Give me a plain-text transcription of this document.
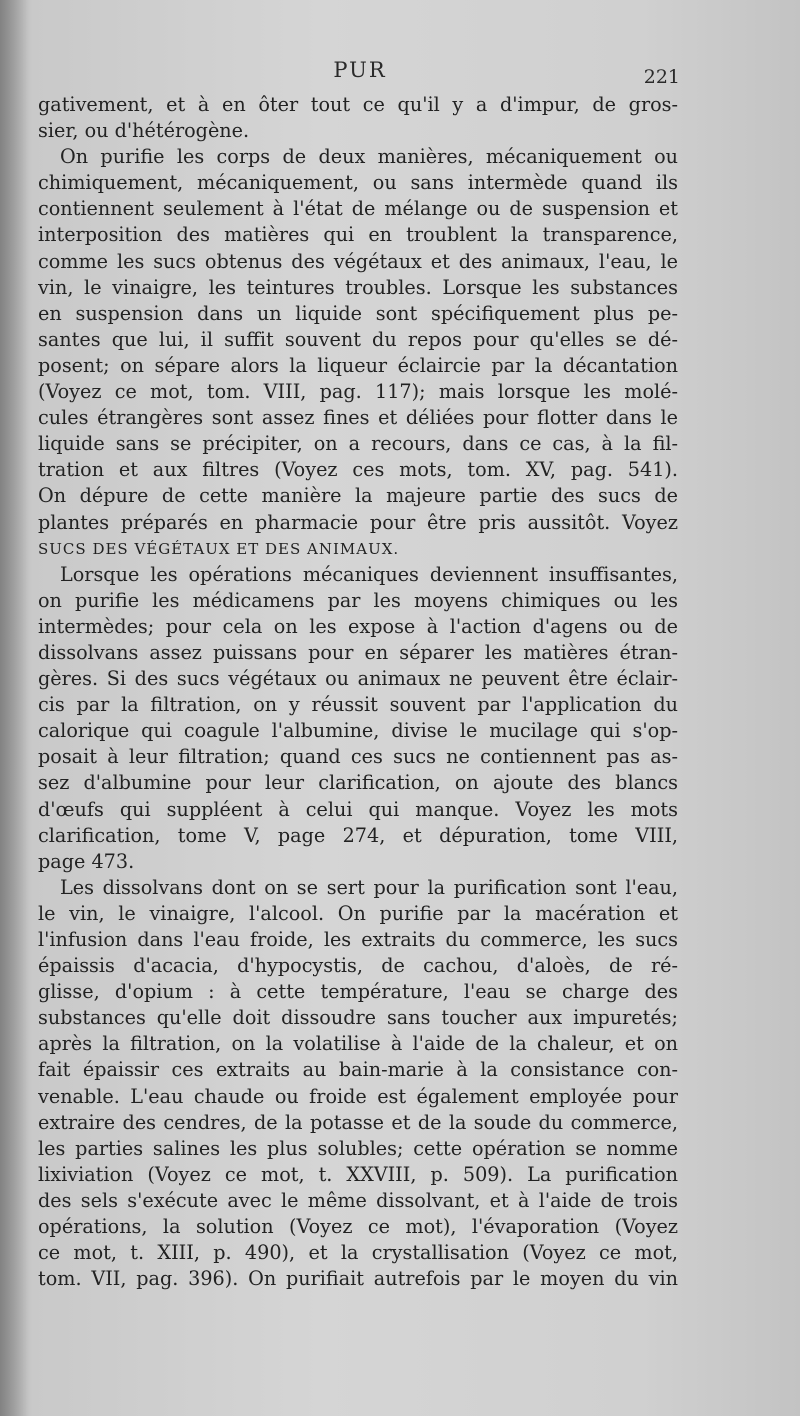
PUR	221
gativement, et à en ôter tout ce qu'il y a d'impur, de gros-
sier, ou d'hétérogène.
On purifie les corps de deux manières, mécaniquement ou
chimiquement, mécaniquement, ou sans intermède quand ils
contiennent seulement à l'état de mélange ou de suspension et
interposition des matières qui en troublent la transparence,
comme les sucs obtenus des végétaux et des animaux, l'eau, le
vin, le vinaigre, les teintures troubles. Lorsque les substances
en suspension dans un liquide sont spécifiquement plus pe-
santes que lui, il suffit souvent du repos pour qu'elles se dé-
posent; on sépare alors la liqueur éclaircie par la décantation
(Voyez ce mot, tom. VIII, pag. 117); mais lorsque les molé-
cules étrangères sont assez fines et déliées pour flotter dans le
liquide sans se précipiter, on a recours, dans ce cas, à la fil-
tration et aux filtres (Voyez ces mots, tom. XV, pag. 541).
On dépure de cette manière la majeure partie des sucs de
plantes préparés en pharmacie pour être pris aussitôt. Voyez
SUCS DES VÉGÉTAUX ET DES ANIMAUX.
Lorsque les opérations mécaniques deviennent insuffisantes,
on purifie les médicamens par les moyens chimiques ou les
intermèdes; pour cela on les expose à l'action d'agens ou de
dissolvans assez puissans pour en séparer les matières étran-
gères. Si des sucs végétaux ou animaux ne peuvent être éclair-
cis par la filtration, on y réussit souvent par l'application du
calorique qui coagule l'albumine, divise le mucilage qui s'op-
posait à leur filtration; quand ces sucs ne contiennent pas as-
sez d'albumine pour leur clarification, on ajoute des blancs
d'œufs qui suppléent à celui qui manque. Voyez les mots
clarification, tome V, page 274, et dépuration, tome VIII,
page 473.
Les dissolvans dont on se sert pour la purification sont l'eau,
le vin, le vinaigre, l'alcool. On purifie par la macération et
l'infusion dans l'eau froide, les extraits du commerce, les sucs
épaissis d'acacia, d'hypocystis, de cachou, d'aloès, de ré-
glisse, d'opium : à cette température, l'eau se charge des
substances qu'elle doit dissoudre sans toucher aux impuretés;
après la filtration, on la volatilise à l'aide de la chaleur, et on
fait épaissir ces extraits au bain-marie à la consistance con-
venable. L'eau chaude ou froide est également employée pour
extraire des cendres, de la potasse et de la soude du commerce,
les parties salines les plus solubles; cette opération se nomme
lixiviation (Voyez ce mot, t. XXVIII, p. 509). La purification
des sels s'exécute avec le même dissolvant, et à l'aide de trois
opérations, la solution (Voyez ce mot), l'évaporation (Voyez
ce mot, t. XIII, p. 490), et la crystallisation (Voyez ce mot,
tom. VII, pag. 396). On purifiait autrefois par le moyen du vin
